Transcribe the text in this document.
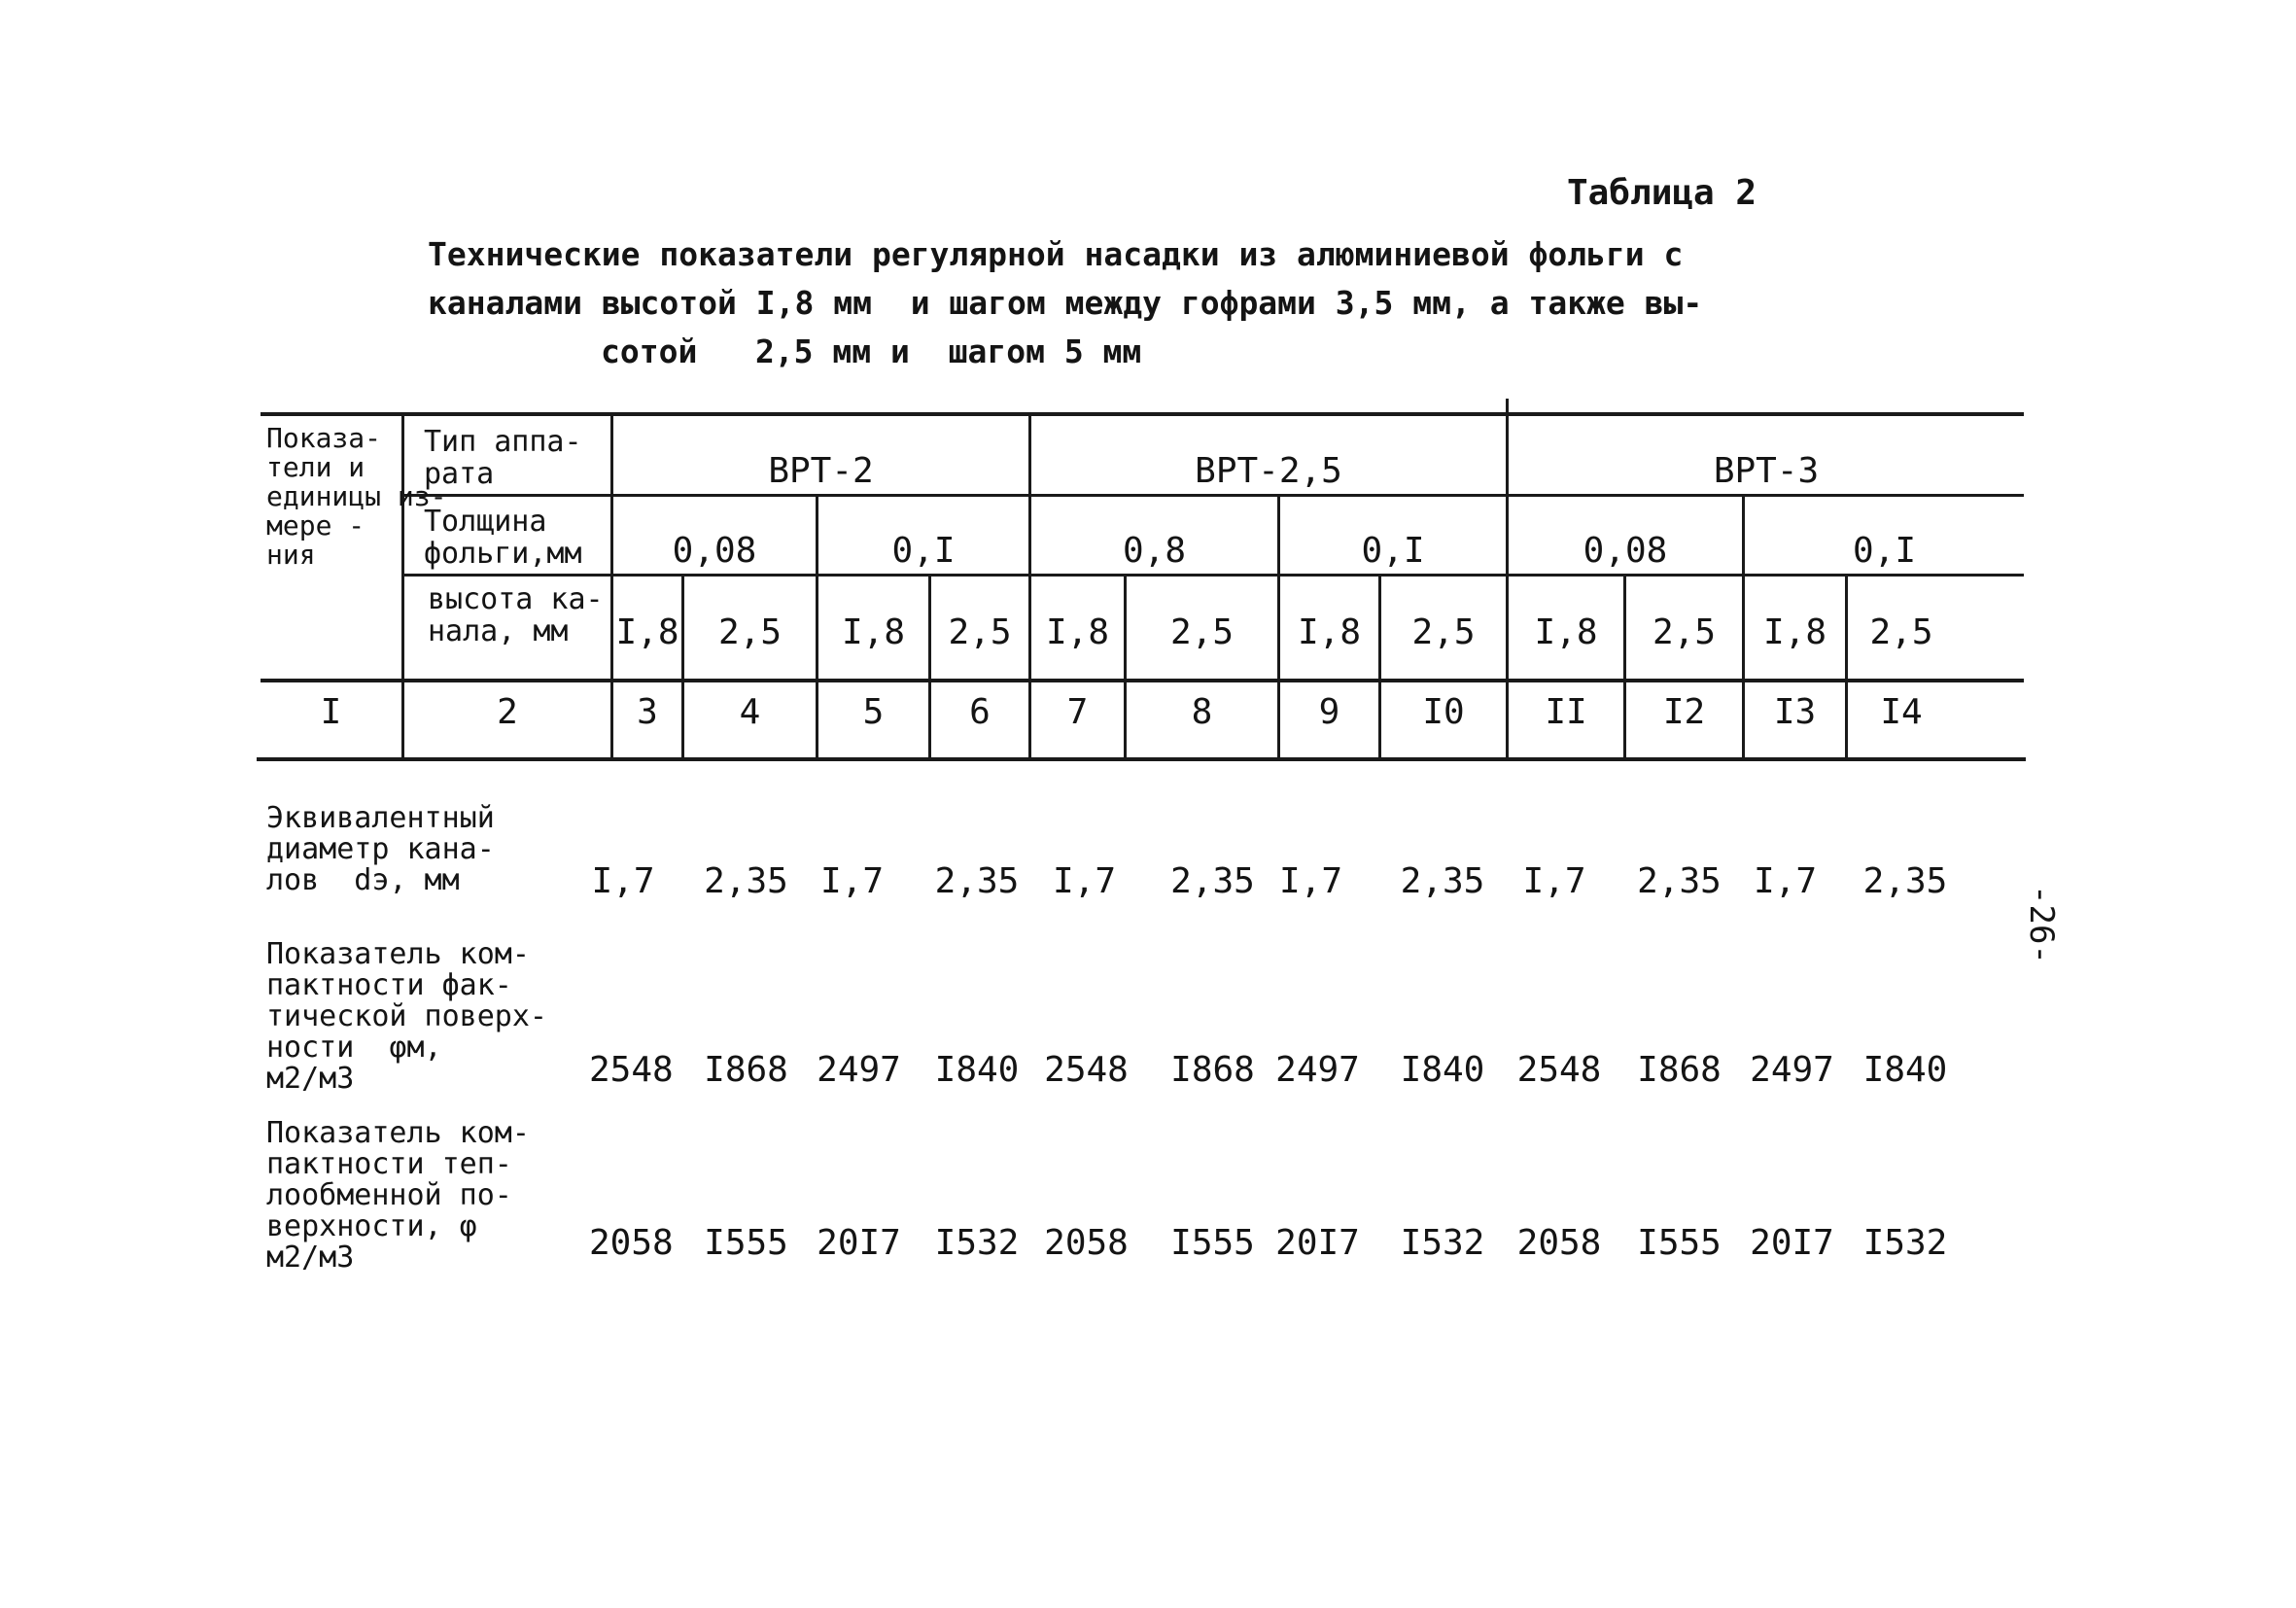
Таблица 2
Технические показатели регулярной насадки из алюминиевой фольги с
каналами высотой I,8 мм  и шагом между гофрами 3,5 мм, а также вы-
сотой   2,5 мм и  шагом 5 мм
Показа-
тели и
единицы из-
мере -
ния
Тип аппа-
рата
Толщина
фольги,мм
высота ка-
нала, мм
ВРТ-2	ВРТ-2,5	ВРТ-3
0,08	0,I	0,8	0,I	0,08	0,I
I,8	2,5	I,8	2,5 I,8	2,5	I,8	2,5	I,8	2,5	I,8	2,5
I	2	3	4	5	6	7	8	9	I0	II	I2	I3	I4
Эквивалентный
диаметр кана-
лов  dэ, мм	I,7	2,35 I,7	2,35 I,7	2,35 I,7	2,35	I,7	2,35 I,7	2,35
Показатель ком-
пактности фак-
тической поверх-
ности  φм,
м2/м3	2548 I868 2497 I840 2548	I868 2497	I840 2548	I868 2497 I840
Показатель ком-
пактности теп-
лообменной по-
верхности, φ
м2/м3	2058 I555 20I7 I532 2058	I555 20I7	I532 2058	I555 20I7 I532
-26-
